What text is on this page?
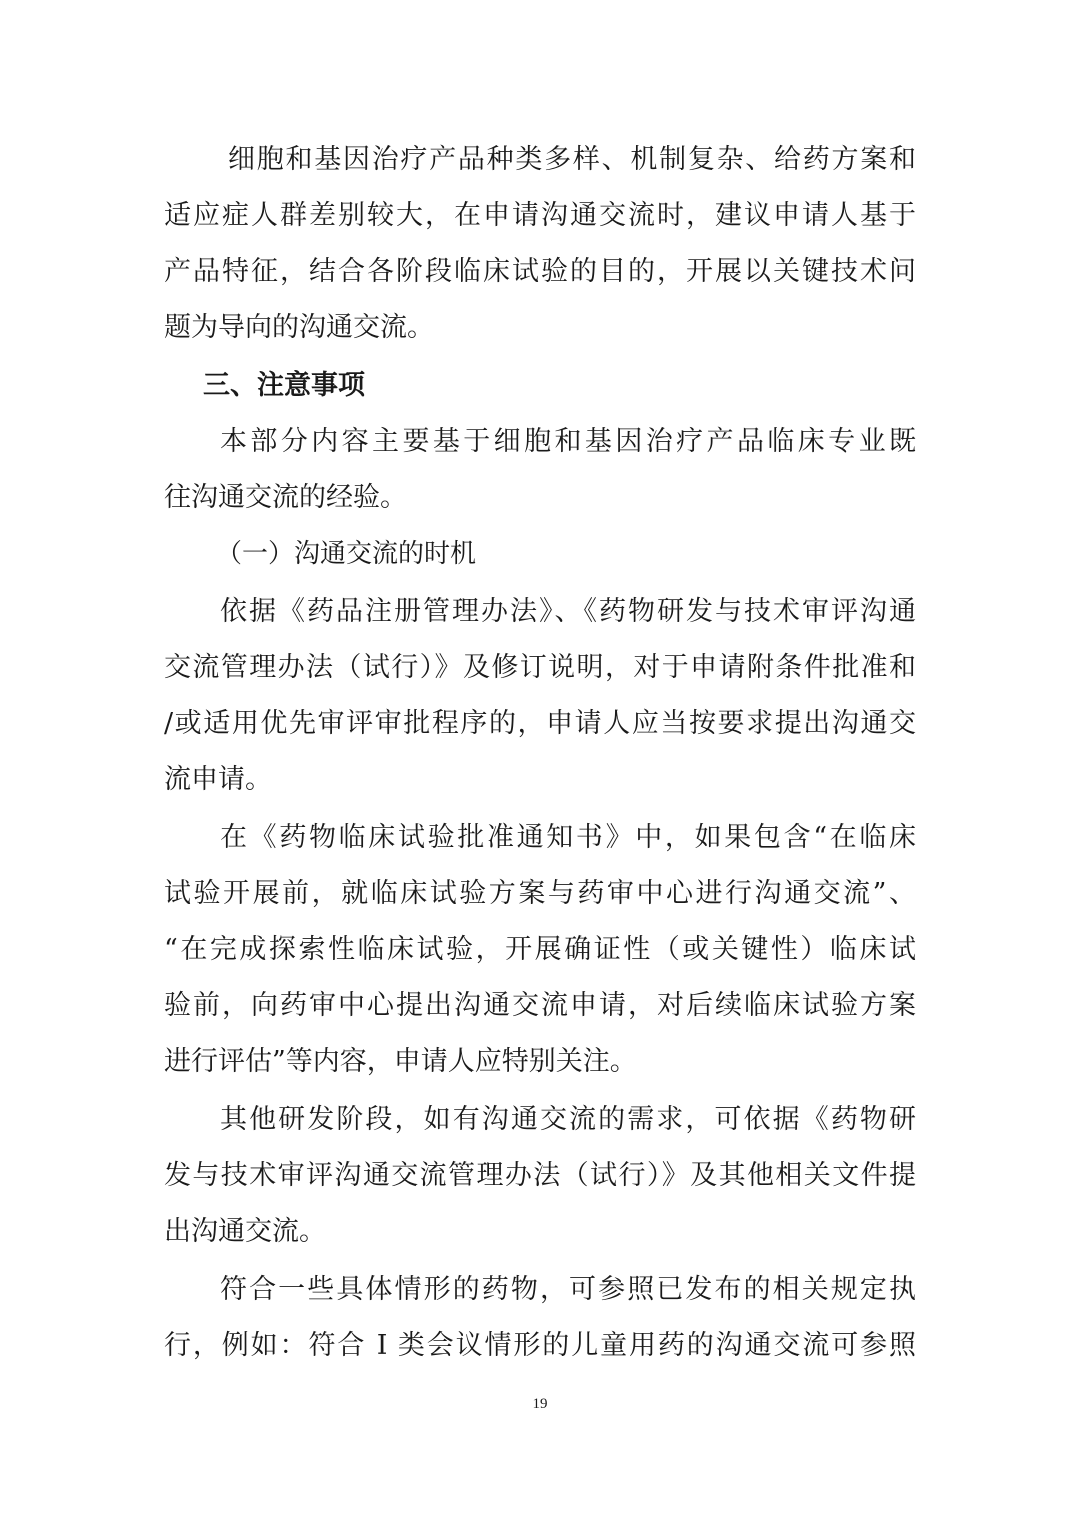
细胞和基因治疗产品种类多样、机制复杂、给药方案和
适应症人群差别较大，在申请沟通交流时，建议申请人基于
产品特征，结合各阶段临床试验的目的，开展以关键技术问
题为导向的沟通交流。
三、注意事项
本部分内容主要基于细胞和基因治疗产品临床专业既
往沟通交流的经验。
（一）沟通交流的时机
依据《药品注册管理办法》、《药物研发与技术审评沟通
交流管理办法（试行）》及修订说明，对于申请附条件批准和
/或适用优先审评审批程序的，申请人应当按要求提出沟通交
流申请。
在《药物临床试验批准通知书》中，如果包含“在临床
试验开展前，就临床试验方案与药审中心进行沟通交流”、
“在完成探索性临床试验，开展确证性（或关键性）临床试
验前，向药审中心提出沟通交流申请，对后续临床试验方案
进行评估”等内容，申请人应特别关注。
其他研发阶段，如有沟通交流的需求，可依据《药物研
发与技术审评沟通交流管理办法（试行）》及其他相关文件提
出沟通交流。
符合一些具体情形的药物，可参照已发布的相关规定执
行，例如：符合 I 类会议情形的儿童用药的沟通交流可参照
19
